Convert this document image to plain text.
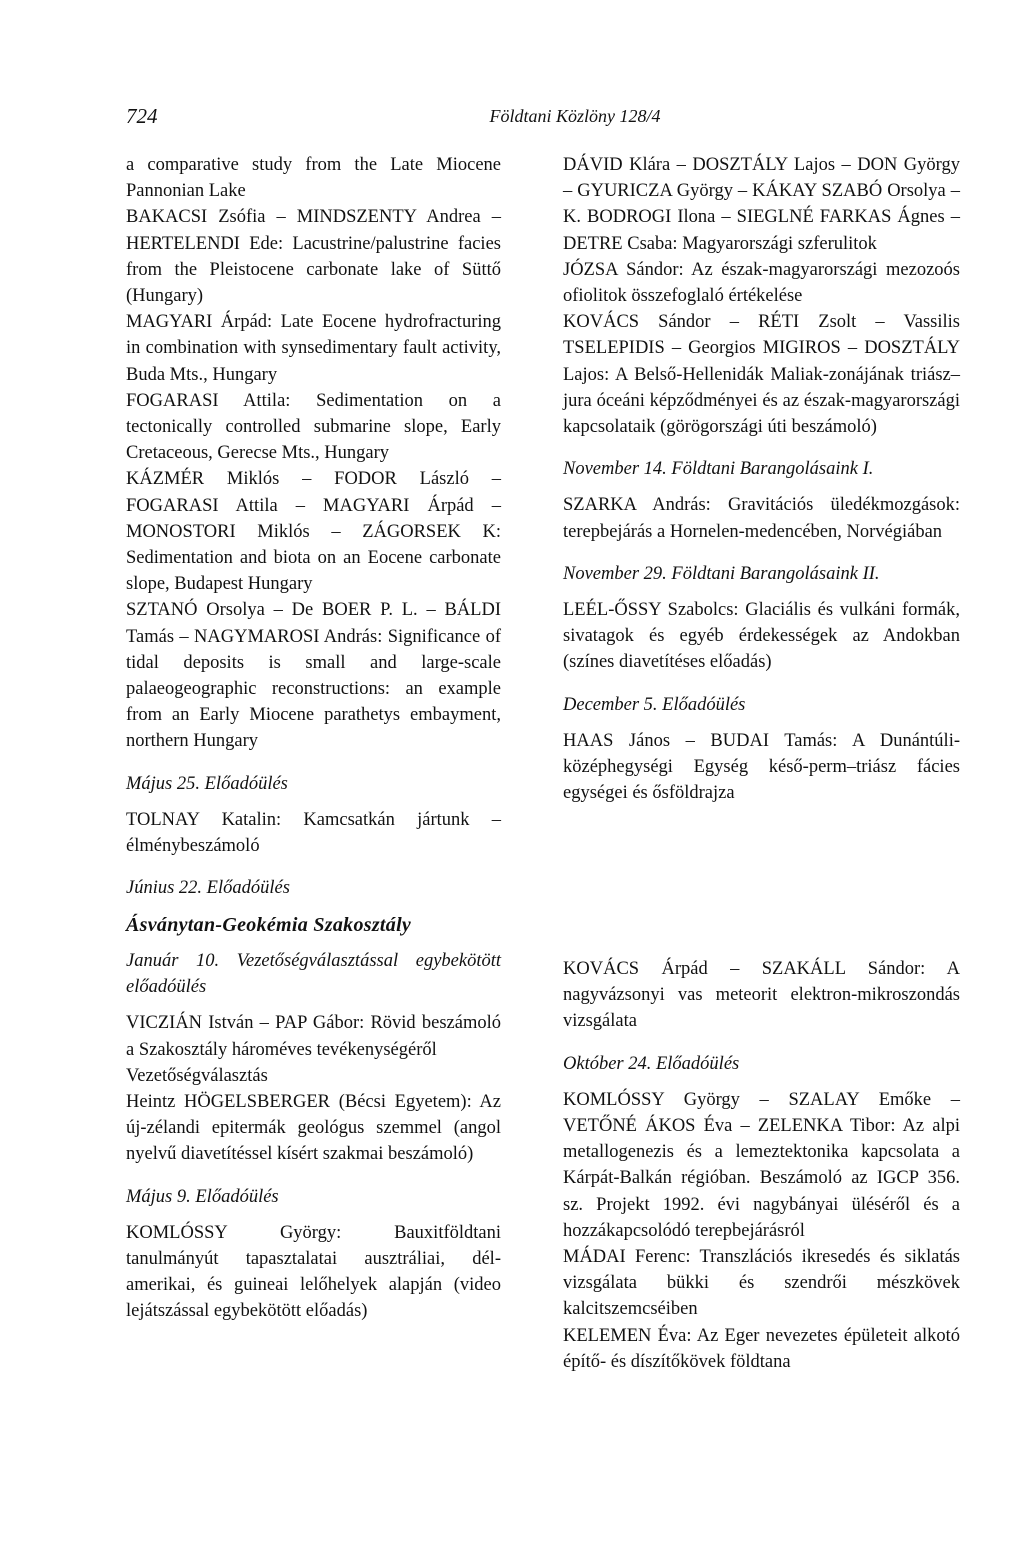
724	Földtani Közlöny 128/4

a comparative study from the Late Miocene Pannonian Lake

BAKACSI Zsófia – MINDSZENTY Andrea – HERTELENDI Ede: Lacustrine/palustrine facies from the Pleistocene carbonate lake of Süttő (Hungary)

MAGYARI Árpád: Late Eocene hydrofracturing in combination with synsedimentary fault activity, Buda Mts., Hungary

FOGARASI Attila: Sedimentation on a tectonically controlled submarine slope, Early Cretaceous, Gerecse Mts., Hungary

KÁZMÉR Miklós – FODOR László – FOGARASI Attila – MAGYARI Árpád – MONOSTORI Miklós – ZÁGORSEK K: Sedimentation and biota on an Eocene carbonate slope, Budapest Hungary

SZTANÓ Orsolya – De BOER P. L. – BÁLDI Tamás – NAGYMAROSI András: Significance of tidal deposits is small and large-scale palaeogeographic reconstructions: an example from an Early Miocene parathetys embayment, northern Hungary

Május 25. Előadóülés

TOLNAY Katalin: Kamcsatkán jártunk – élménybeszámoló

Június 22. Előadóülés

DÁVID Klára – DOSZTÁLY Lajos – DON György – GYURICZA György – KÁKAY SZABÓ Orsolya – K. BODROGI Ilona – SIEGLNÉ FARKAS Ágnes – DETRE Csaba: Magyarországi szferulitok

JÓZSA Sándor: Az észak-magyarországi mezozoós ofiolitok összefoglaló értékelése

KOVÁCS Sándor – RÉTI Zsolt – Vassilis TSELEPIDIS – Georgios MIGIROS – DOSZTÁLY Lajos: A Belső-Hellenidák Maliak-zonájának triász–jura óceáni képződményei és az észak-magyarországi kapcsolataik (görögországi úti beszámoló)

November 14. Földtani Barangolásaink I.

SZARKA András: Gravitációs üledékmozgások: terepbejárás a Hornelen-medencében, Norvégiában

November 29. Földtani Barangolásaink II.

LEÉL-ŐSSY Szabolcs: Glaciális és vulkáni formák, sivatagok és egyéb érdekességek az Andokban (színes diavetítéses előadás)

December 5. Előadóülés

HAAS János – BUDAI Tamás: A Dunántúli-középhegységi Egység késő-perm–triász fácies egységei és ősföldrajza

Ásványtan-Geokémia Szakosztály

Január 10. Vezetőségválasztással egybekötött előadóülés

VICZIÁN István – PAP Gábor: Rövid beszámoló a Szakosztály hároméves tevékenységéről

Vezetőségválasztás

Heintz HÖGELSBERGER (Bécsi Egyetem): Az új-zélandi epitermák geológus szemmel (angol nyelvű diavetítéssel kísért szakmai beszámoló)

Május 9. Előadóülés

KOMLÓSSY György: Bauxitföldtani tanulmányút tapasztalatai ausztráliai, dél-amerikai, és guineai lelőhelyek alapján (video lejátszással egybekötött előadás)

KOVÁCS Árpád – SZAKÁLL Sándor: A nagyvázsonyi vas meteorit elektron-mikroszondás vizsgálata

Október 24. Előadóülés

KOMLÓSSY György – SZALAY Emőke – VETŐNÉ ÁKOS Éva – ZELENKA Tibor: Az alpi metallogenezis és a lemeztektonika kapcsolata a Kárpát-Balkán régióban. Beszámoló az IGCP 356. sz. Projekt 1992. évi nagybányai üléséről és a hozzákapcsolódó terepbejárásról

MÁDAI Ferenc: Transzlációs ikresedés és siklatás vizsgálata bükki és szendrői mészkövek kalcitszemcséiben

KELEMEN Éva: Az Eger nevezetes épületeit alkotó építő- és díszítőkövek földtana
